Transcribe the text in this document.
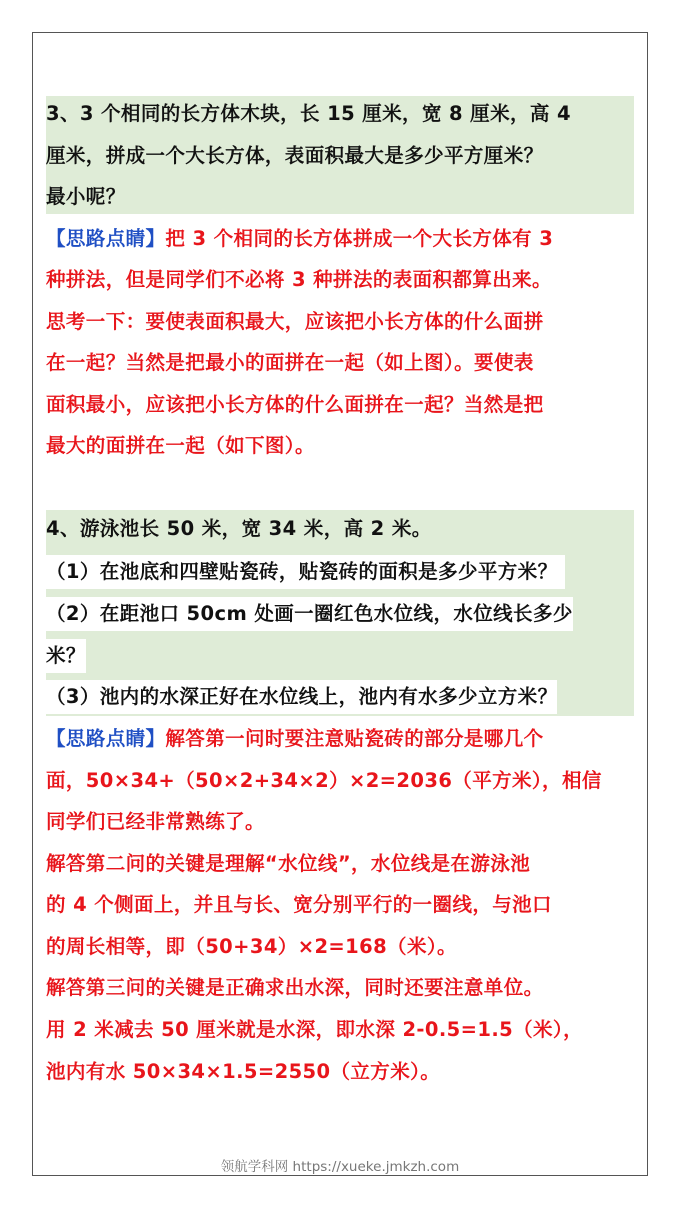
3、3 个相同的长方体木块，长 15 厘米，宽 8 厘米，高 4
厘米，拼成一个大长方体，表面积最大是多少平方厘米？
最小呢？
【思路点睛】把 3 个相同的长方体拼成一个大长方体有 3
种拼法，但是同学们不必将 3 种拼法的表面积都算出来。
思考一下：要使表面积最大，应该把小长方体的什么面拼
在一起？当然是把最小的面拼在一起（如上图）。要使表
面积最小，应该把小长方体的什么面拼在一起？当然是把
最大的面拼在一起（如下图）。
4、游泳池长 50 米，宽 34 米，高 2 米。
（1）在池底和四壁贴瓷砖，贴瓷砖的面积是多少平方米？
（2）在距池口 50cm 处画一圈红色水位线，水位线长多少
米？
（3）池内的水深正好在水位线上，池内有水多少立方米？
【思路点睛】解答第一问时要注意贴瓷砖的部分是哪几个
面，50×34+（50×2+34×2）×2=2036（平方米），相信
同学们已经非常熟练了。
解答第二问的关键是理解“水位线”，水位线是在游泳池
的 4 个侧面上，并且与长、宽分别平行的一圈线，与池口
的周长相等，即（50+34）×2=168（米）。
解答第三问的关键是正确求出水深，同时还要注意单位。
用 2 米减去 50 厘米就是水深，即水深 2-0.5=1.5（米），
池内有水 50×34×1.5=2550（立方米）。
领航学科网 https://xueke.jmkzh.com
